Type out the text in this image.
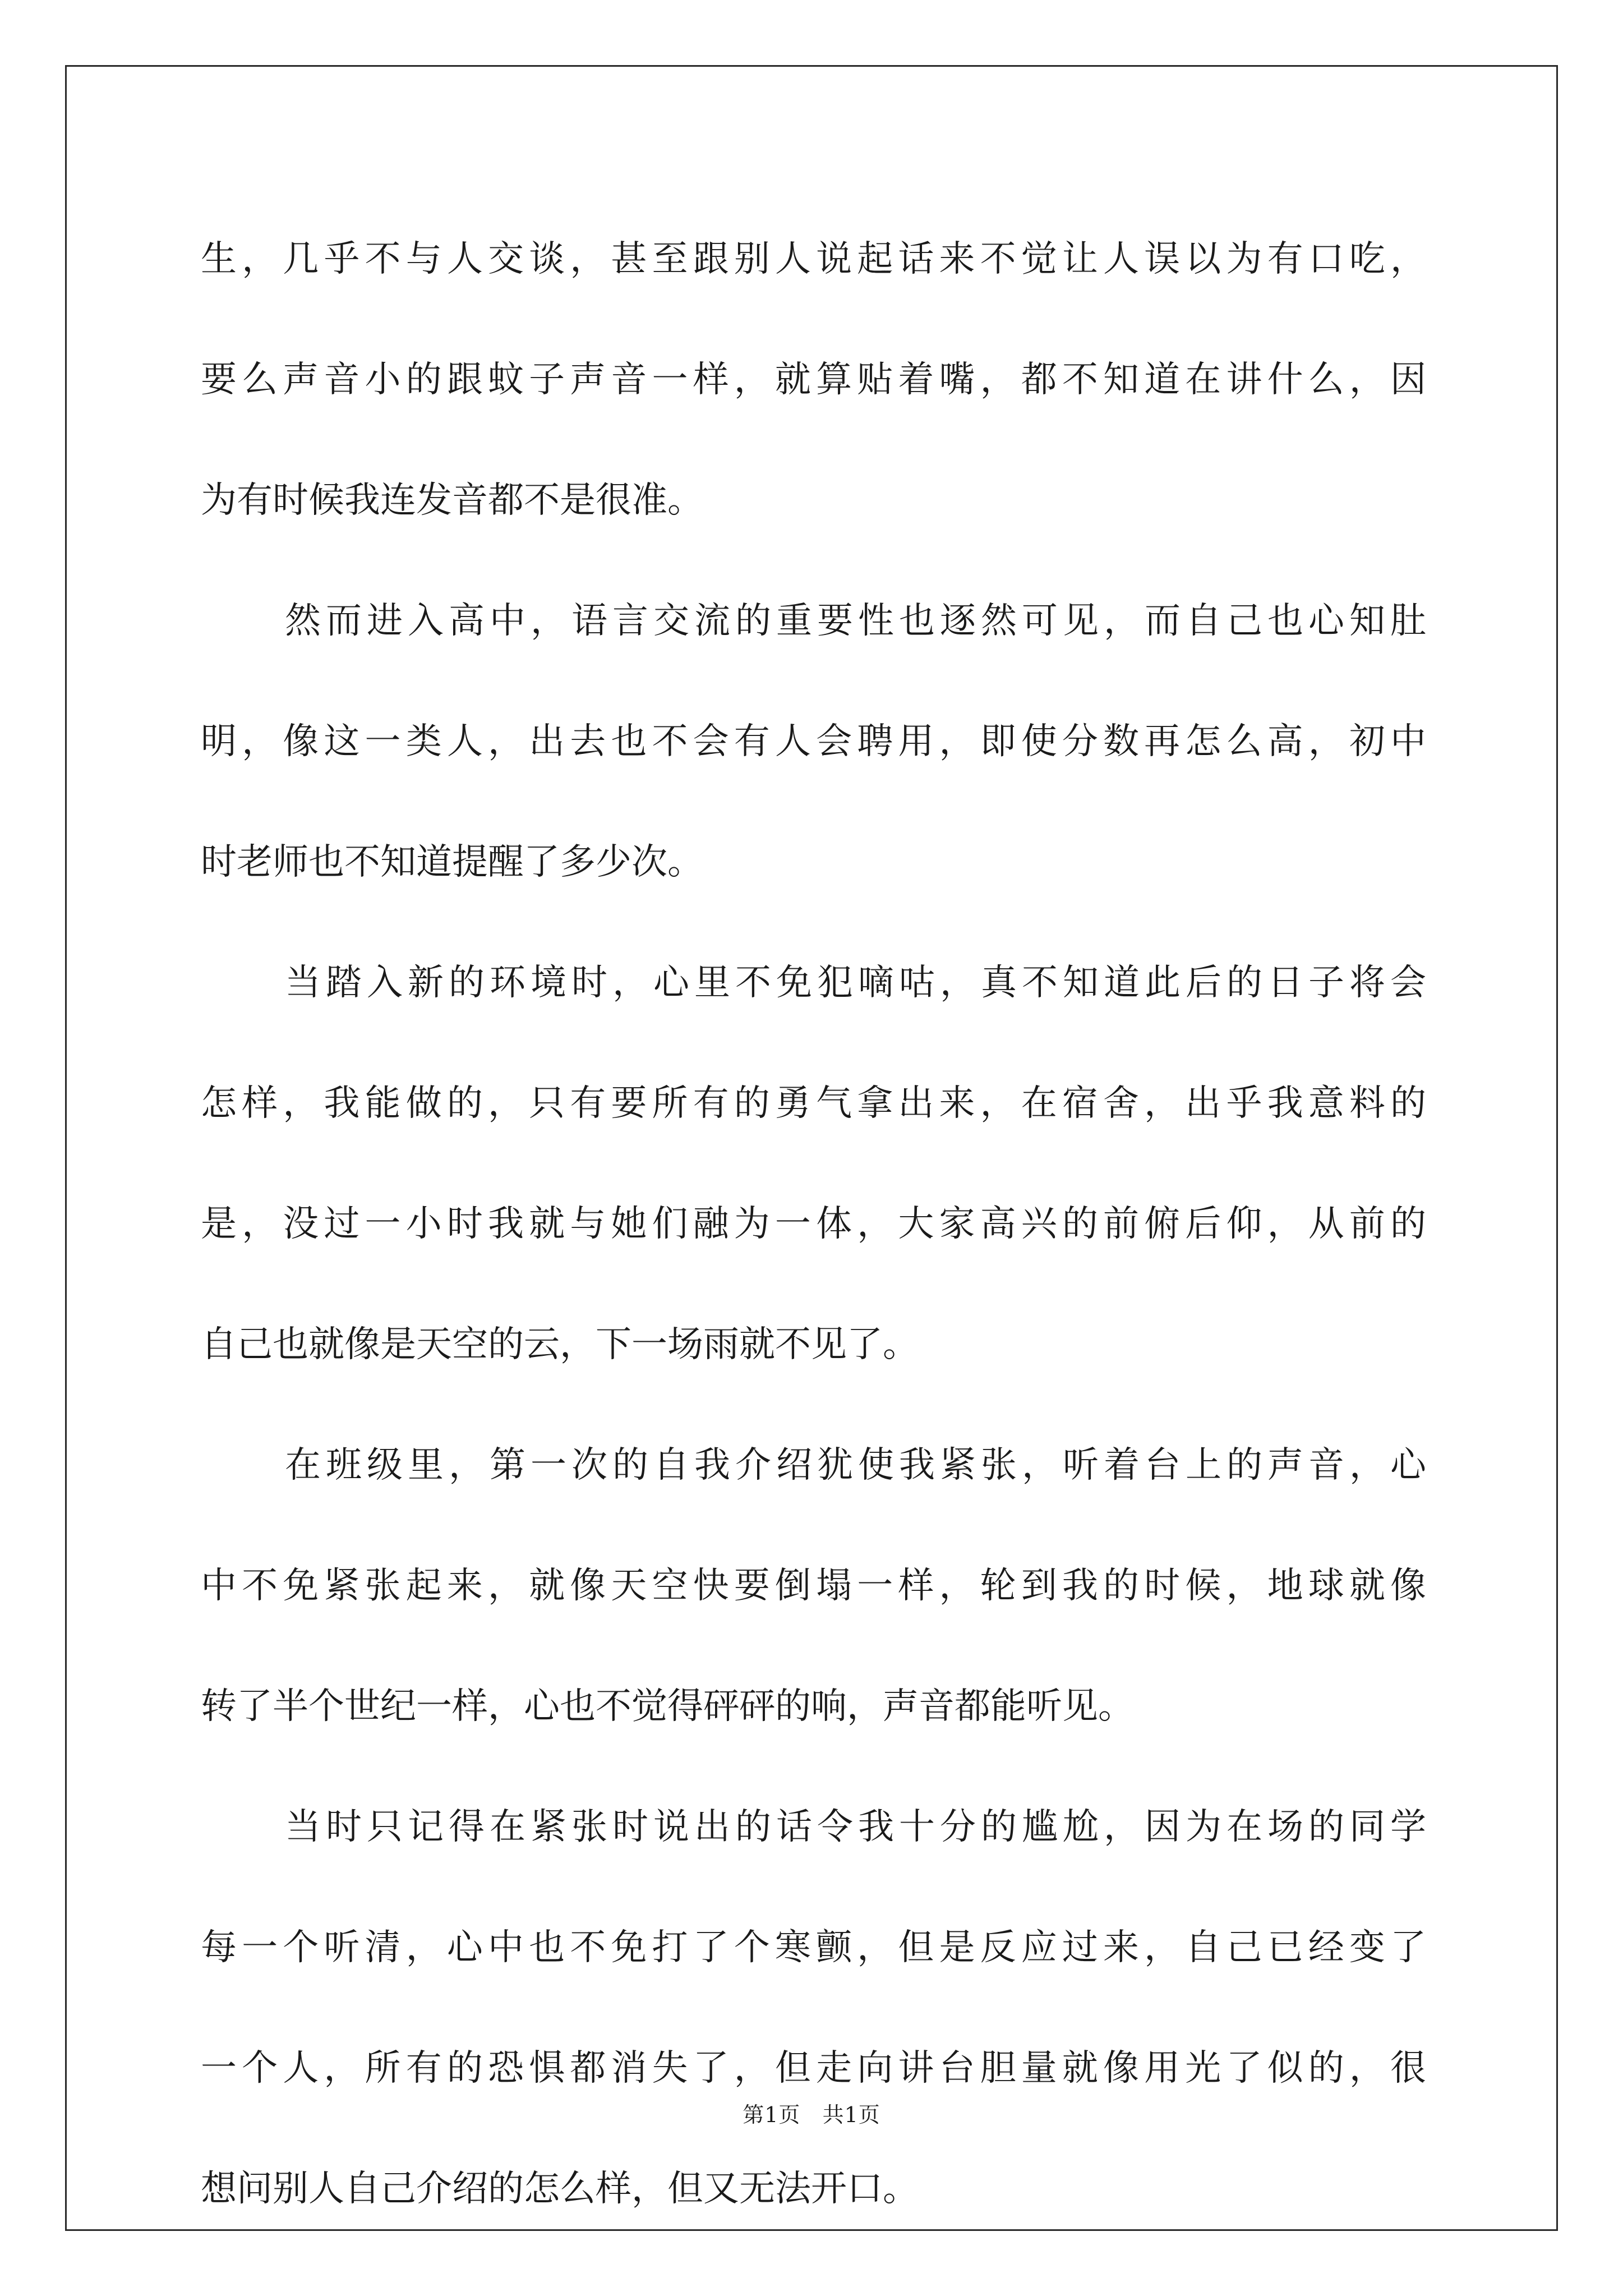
生，几乎不与人交谈，甚至跟别人说起话来不觉让人误以为有口吃，
要么声音小的跟蚊子声音一样，就算贴着嘴，都不知道在讲什么，因
为有时候我连发音都不是很准。
然而进入高中，语言交流的重要性也逐然可见，而自己也心知肚
明，像这一类人，出去也不会有人会聘用，即使分数再怎么高，初中
时老师也不知道提醒了多少次。
当踏入新的环境时，心里不免犯嘀咕，真不知道此后的日子将会
怎样，我能做的，只有要所有的勇气拿出来，在宿舍，出乎我意料的
是，没过一小时我就与她们融为一体，大家高兴的前俯后仰，从前的
自己也就像是天空的云，下一场雨就不见了。
在班级里，第一次的自我介绍犹使我紧张，听着台上的声音，心
中不免紧张起来，就像天空快要倒塌一样，轮到我的时候，地球就像
转了半个世纪一样，心也不觉得砰砰的响，声音都能听见。
当时只记得在紧张时说出的话令我十分的尴尬，因为在场的同学
每一个听清，心中也不免打了个寒颤，但是反应过来，自己已经变了
一个人，所有的恐惧都消失了，但走向讲台胆量就像用光了似的，很
想问别人自己介绍的怎么样，但又无法开口。
第1页   共1页
